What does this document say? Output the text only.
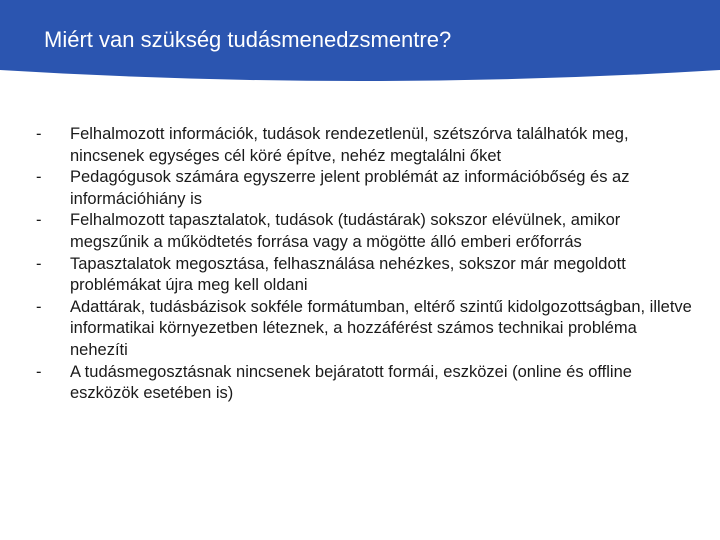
Miért van szükség tudásmenedzsmentre?
-	Felhalmozott információk, tudások rendezetlenül, szétszórva találhatók meg, nincsenek egységes cél köré építve, nehéz megtalálni őket
-	Pedagógusok számára egyszerre jelent problémát az információbőség és az információhiány is
-	Felhalmozott tapasztalatok, tudások (tudástárak) sokszor elévülnek, amikor megszűnik a működtetés forrása vagy a mögötte álló emberi erőforrás
-	Tapasztalatok megosztása, felhasználása nehézkes, sokszor már megoldott problémákat újra meg kell oldani
-	Adattárak, tudásbázisok sokféle formátumban, eltérő szintű kidolgozottságban, illetve informatikai környezetben léteznek, a hozzáférést számos technikai probléma nehezíti
-	A tudásmegosztásnak nincsenek bejáratott formái, eszközei (online és offline eszközök esetében is)
